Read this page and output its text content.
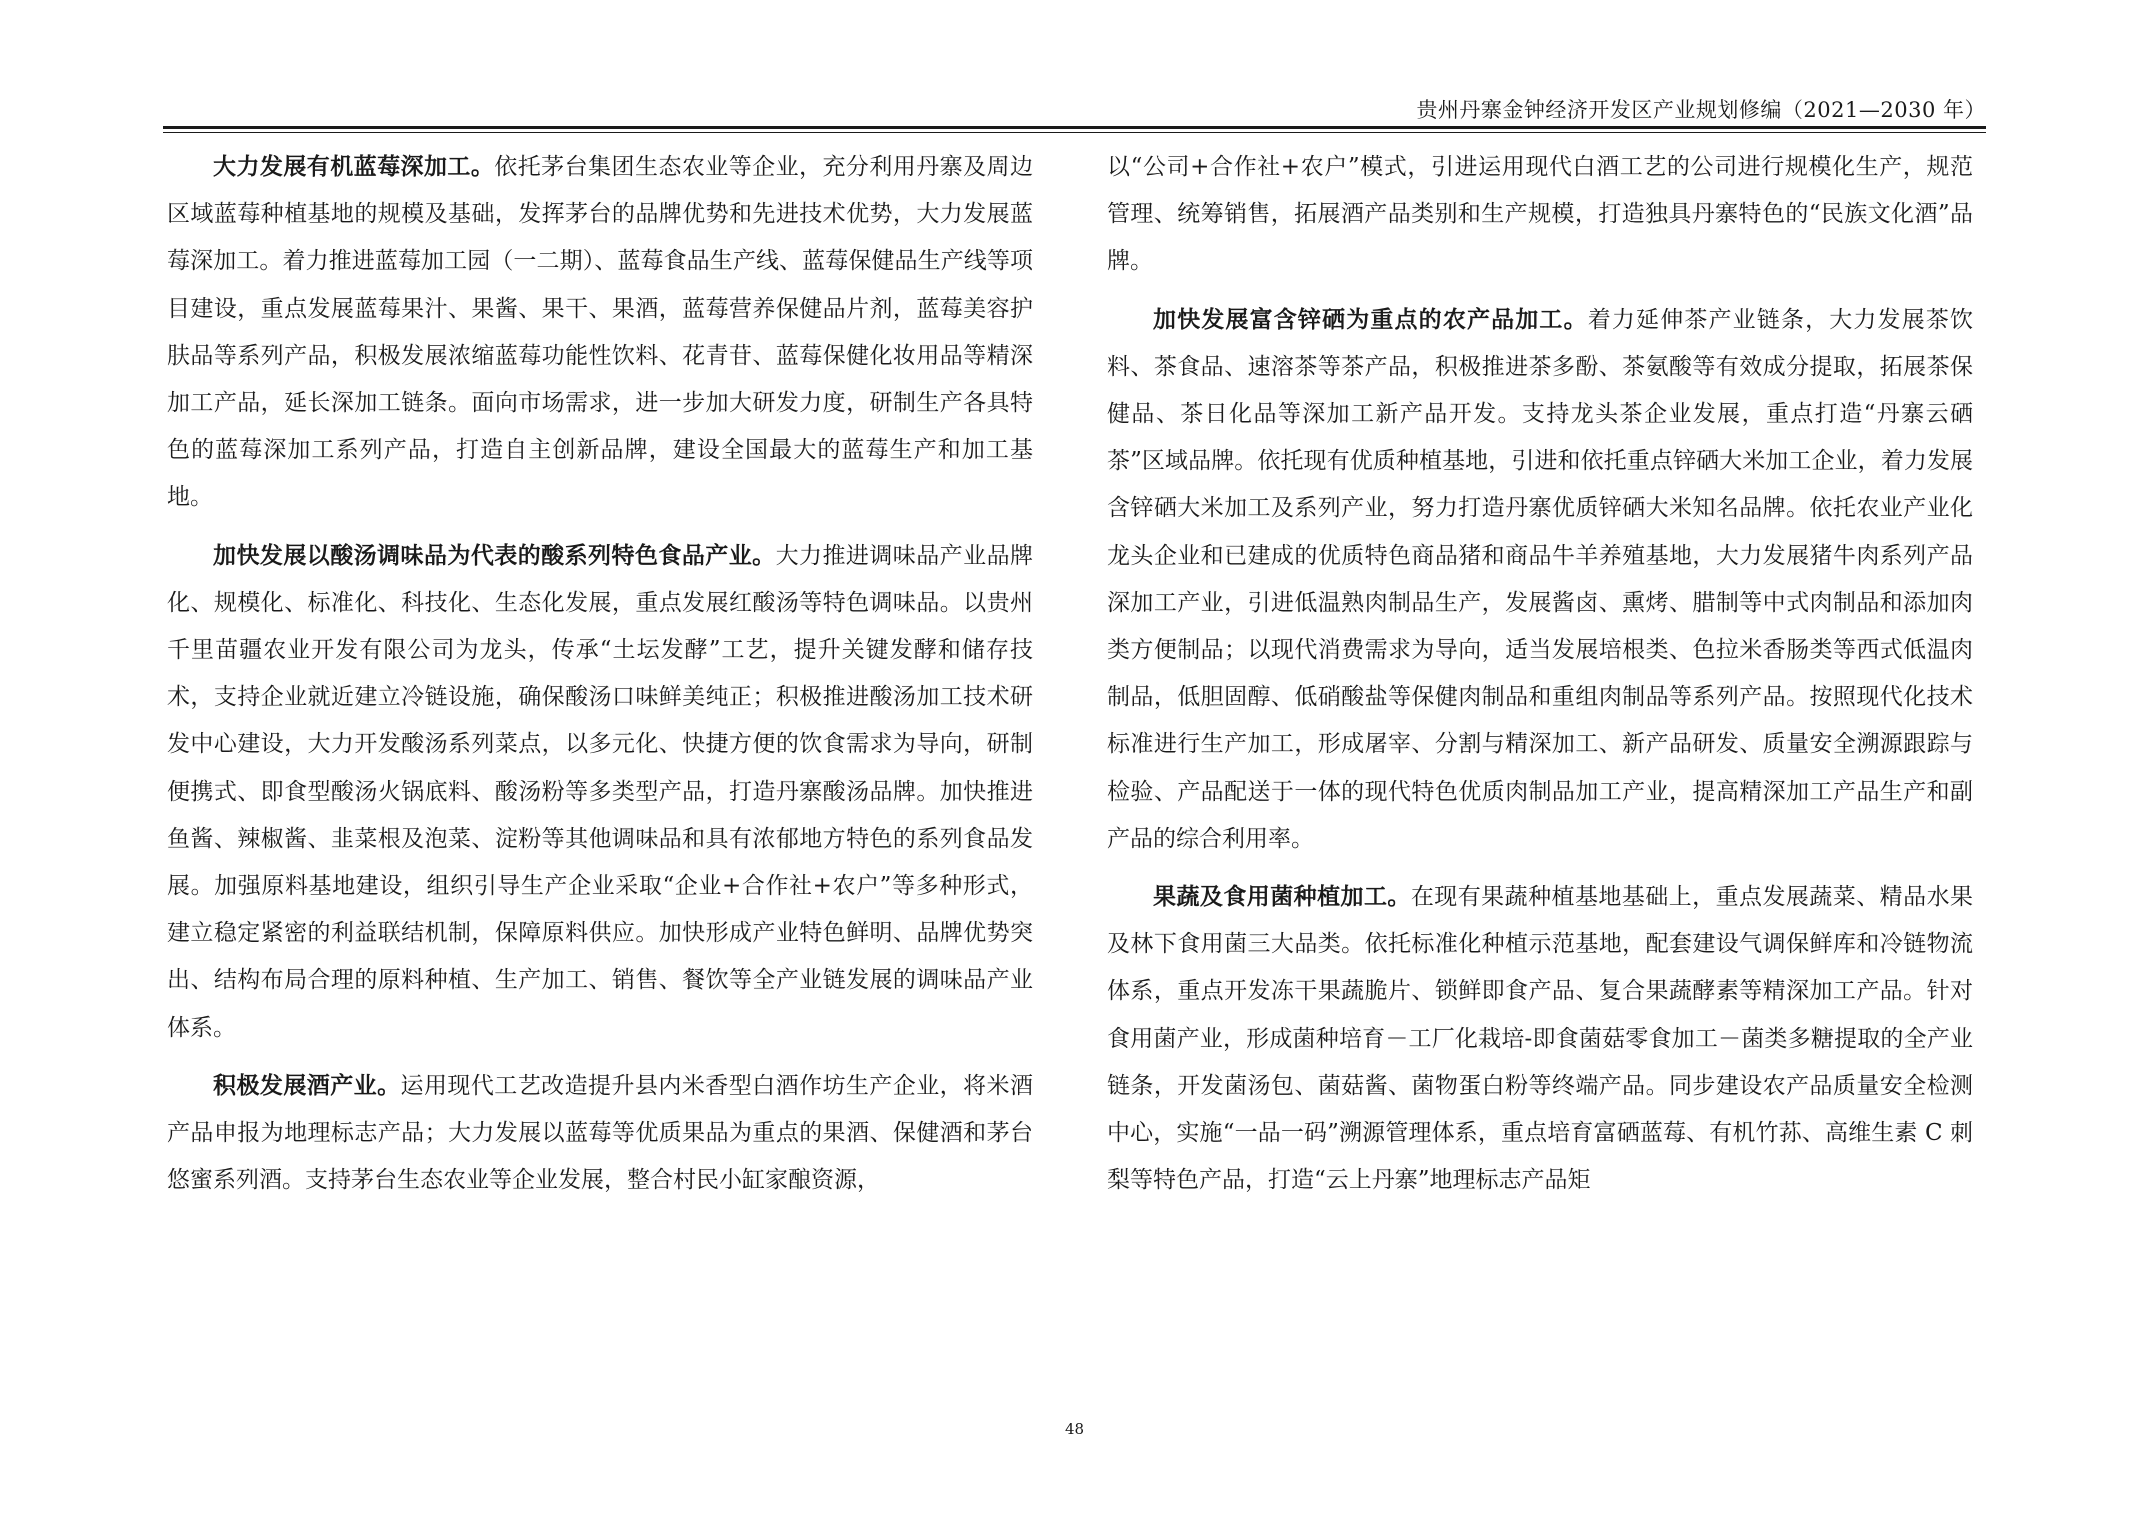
贵州丹寨金钟经济开发区产业规划修编（2021—2030 年）

大力发展有机蓝莓深加工。依托茅台集团生态农业等企业，充分利用丹寨及周边区域蓝莓种植基地的规模及基础，发挥茅台的品牌优势和先进技术优势，大力发展蓝莓深加工。着力推进蓝莓加工园（一二期）、蓝莓食品生产线、蓝莓保健品生产线等项目建设，重点发展蓝莓果汁、果酱、果干、果酒，蓝莓营养保健品片剂，蓝莓美容护肤品等系列产品，积极发展浓缩蓝莓功能性饮料、花青苷、蓝莓保健化妆用品等精深加工产品，延长深加工链条。面向市场需求，进一步加大研发力度，研制生产各具特色的蓝莓深加工系列产品，打造自主创新品牌，建设全国最大的蓝莓生产和加工基地。

加快发展以酸汤调味品为代表的酸系列特色食品产业。大力推进调味品产业品牌化、规模化、标准化、科技化、生态化发展，重点发展红酸汤等特色调味品。以贵州千里苗疆农业开发有限公司为龙头，传承“土坛发酵”工艺，提升关键发酵和储存技术，支持企业就近建立冷链设施，确保酸汤口味鲜美纯正；积极推进酸汤加工技术研发中心建设，大力开发酸汤系列菜点，以多元化、快捷方便的饮食需求为导向，研制便携式、即食型酸汤火锅底料、酸汤粉等多类型产品，打造丹寨酸汤品牌。加快推进鱼酱、辣椒酱、韭菜根及泡菜、淀粉等其他调味品和具有浓郁地方特色的系列食品发展。加强原料基地建设，组织引导生产企业采取“企业+合作社+农户”等多种形式，建立稳定紧密的利益联结机制，保障原料供应。加快形成产业特色鲜明、品牌优势突出、结构布局合理的原料种植、生产加工、销售、餐饮等全产业链发展的调味品产业体系。

积极发展酒产业。运用现代工艺改造提升县内米香型白酒作坊生产企业，将米酒产品申报为地理标志产品；大力发展以蓝莓等优质果品为重点的果酒、保健酒和茅台悠蜜系列酒。支持茅台生态农业等企业发展，整合村民小缸家酿资源，

以“公司+合作社+农户”模式，引进运用现代白酒工艺的公司进行规模化生产，规范管理、统筹销售，拓展酒产品类别和生产规模，打造独具丹寨特色的“民族文化酒”品牌。

加快发展富含锌硒为重点的农产品加工。着力延伸茶产业链条，大力发展茶饮料、茶食品、速溶茶等茶产品，积极推进茶多酚、茶氨酸等有效成分提取，拓展茶保健品、茶日化品等深加工新产品开发。支持龙头茶企业发展，重点打造“丹寨云硒茶”区域品牌。依托现有优质种植基地，引进和依托重点锌硒大米加工企业，着力发展含锌硒大米加工及系列产业，努力打造丹寨优质锌硒大米知名品牌。依托农业产业化龙头企业和已建成的优质特色商品猪和商品牛羊养殖基地，大力发展猪牛肉系列产品深加工产业，引进低温熟肉制品生产，发展酱卤、熏烤、腊制等中式肉制品和添加肉类方便制品；以现代消费需求为导向，适当发展培根类、色拉米香肠类等西式低温肉制品，低胆固醇、低硝酸盐等保健肉制品和重组肉制品等系列产品。按照现代化技术标准进行生产加工，形成屠宰、分割与精深加工、新产品研发、质量安全溯源跟踪与检验、产品配送于一体的现代特色优质肉制品加工产业，提高精深加工产品生产和副产品的综合利用率。

果蔬及食用菌种植加工。在现有果蔬种植基地基础上，重点发展蔬菜、精品水果及林下食用菌三大品类。依托标准化种植示范基地，配套建设气调保鲜库和冷链物流体系，重点开发冻干果蔬脆片、锁鲜即食产品、复合果蔬酵素等精深加工产品。针对食用菌产业，形成菌种培育－工厂化栽培-即食菌菇零食加工－菌类多糖提取的全产业链条，开发菌汤包、菌菇酱、菌物蛋白粉等终端产品。同步建设农产品质量安全检测中心，实施“一品一码”溯源管理体系，重点培育富硒蓝莓、有机竹荪、高维生素 C 刺梨等特色产品，打造“云上丹寨”地理标志产品矩

48
